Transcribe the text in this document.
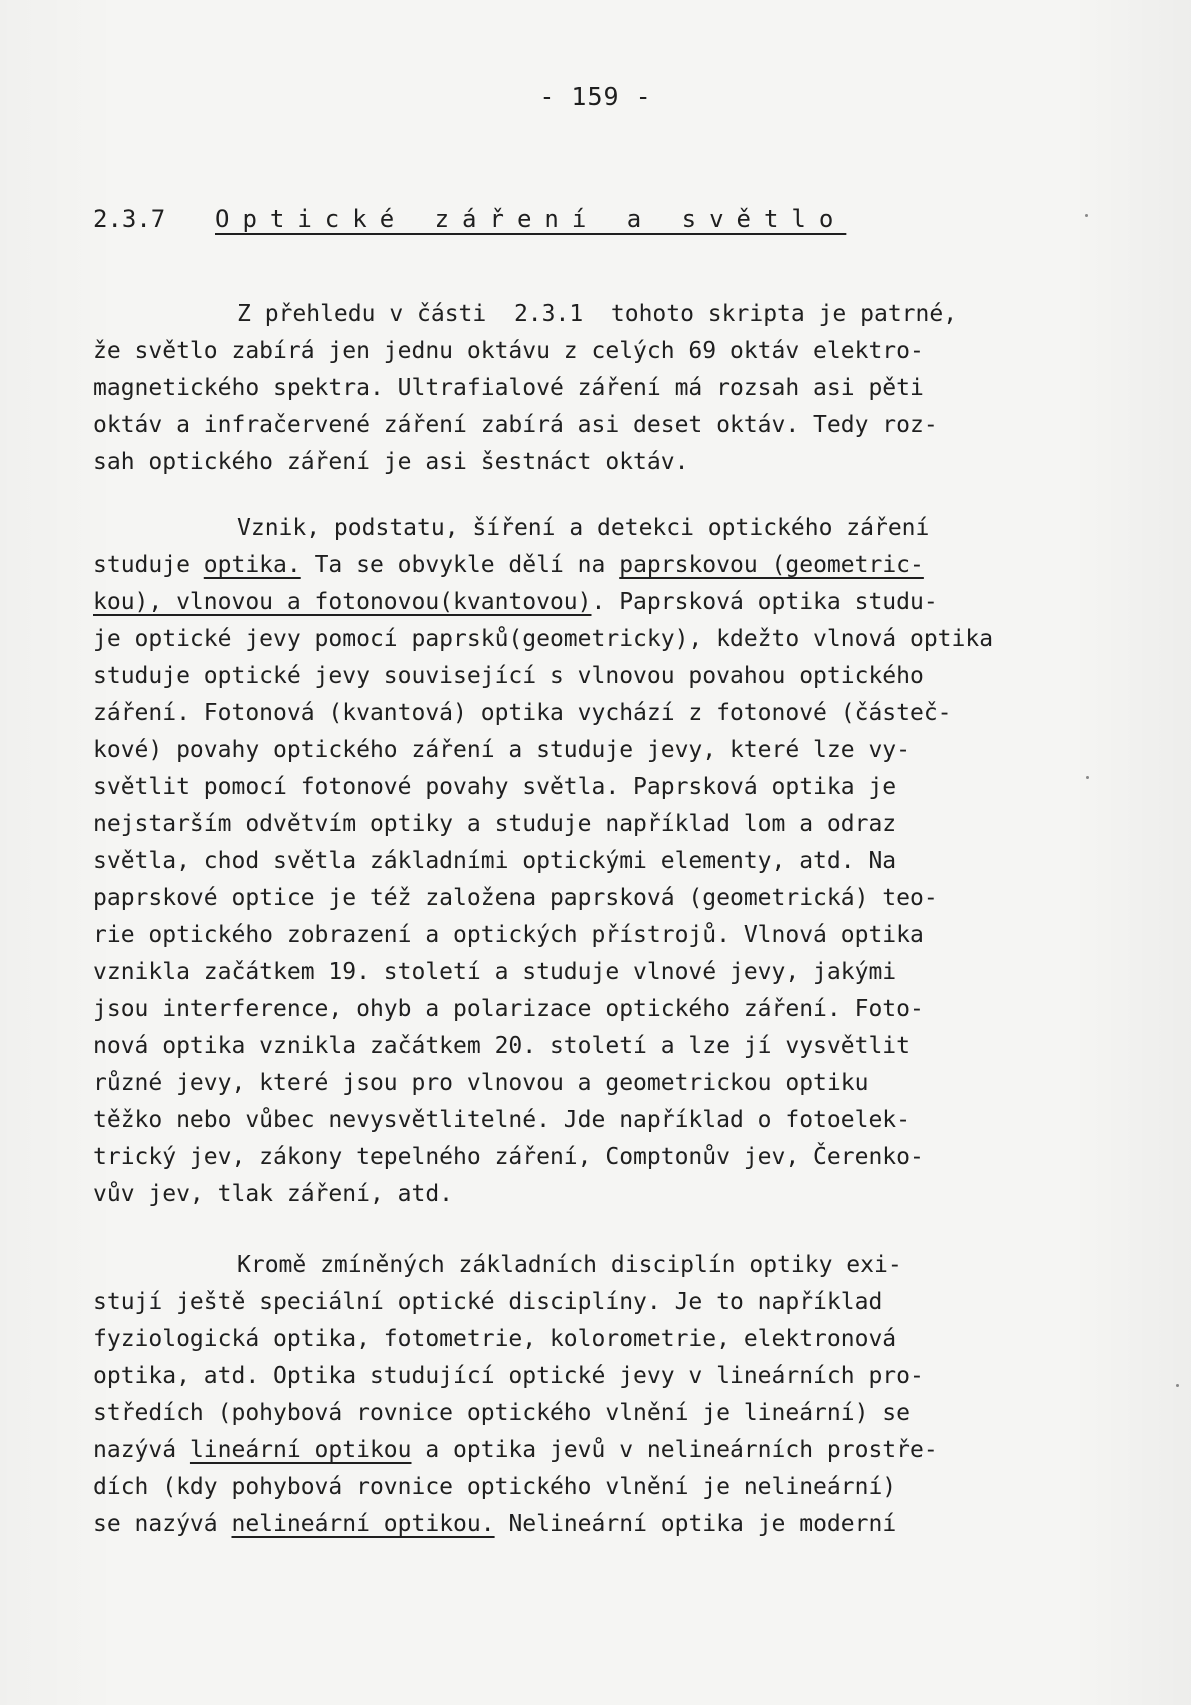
- 159 -
2.3.7 Optické záření a světlo
Z přehledu v části  2.3.1  tohoto skripta je patrné,
že světlo zabírá jen jednu oktávu z celých 69 oktáv elektro-
magnetického spektra. Ultrafialové záření má rozsah asi pěti
oktáv a infračervené záření zabírá asi deset oktáv. Tedy roz-
sah optického záření je asi šestnáct oktáv.
Vznik, podstatu, šíření a detekci optického záření
studuje optika. Ta se obvykle dělí na paprskovou (geometric-
kou), vlnovou a fotonovou(kvantovou). Paprsková optika studu-
je optické jevy pomocí paprsků(geometricky), kdežto vlnová optika
studuje optické jevy související s vlnovou povahou optického
záření. Fotonová (kvantová) optika vychází z fotonové (částeč-
kové) povahy optického záření a studuje jevy, které lze vy-
světlit pomocí fotonové povahy světla. Paprsková optika je
nejstarším odvětvím optiky a studuje například lom a odraz
světla, chod světla základními optickými elementy, atd. Na
paprskové optice je též založena paprsková (geometrická) teo-
rie optického zobrazení a optických přístrojů. Vlnová optika
vznikla začátkem 19. století a studuje vlnové jevy, jakými
jsou interference, ohyb a polarizace optického záření. Foto-
nová optika vznikla začátkem 20. století a lze jí vysvětlit
různé jevy, které jsou pro vlnovou a geometrickou optiku
těžko nebo vůbec nevysvětlitelné. Jde například o fotoelek-
trický jev, zákony tepelného záření, Comptonův jev, Čerenko-
vův jev, tlak záření, atd.
Kromě zmíněných základních disciplín optiky exi-
stují ještě speciální optické disciplíny. Je to například
fyziologická optika, fotometrie, kolorometrie, elektronová
optika, atd. Optika studující optické jevy v lineárních pro-
středích (pohybová rovnice optického vlnění je lineární) se
nazývá lineární optikou a optika jevů v nelineárních prostře-
dích (kdy pohybová rovnice optického vlnění je nelineární)
se nazývá nelineární optikou. Nelineární optika je moderní
